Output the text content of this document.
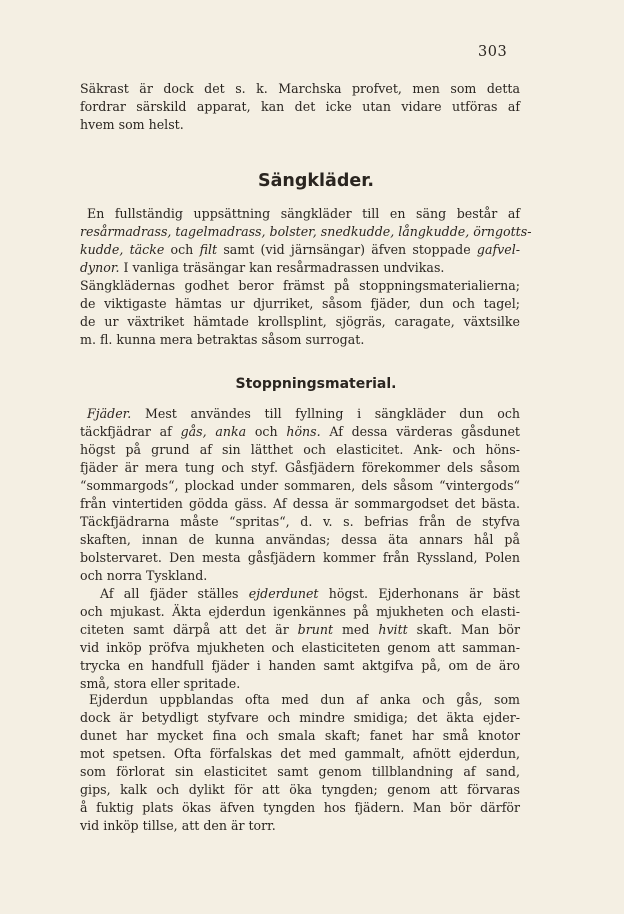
303
Säkrast är dock det s. k. Marchska profvet, men som detta
fordrar särskild apparat, kan det icke utan vidare utföras af
hvem som helst.
Sängkläder.
En fullständig uppsättning sängkläder till en säng består af
resårmadrass, tagelmadrass, bolster, snedkudde, långkudde, örngotts-
kudde, täcke och filt samt (vid järnsängar) äfven stoppade gafvel-
dynor. I vanliga träsängar kan resårmadrassen undvikas.
Sängklädernas godhet beror främst på stoppningsmaterialierna;
de viktigaste hämtas ur djurriket, såsom fjäder, dun och tagel;
de ur växtriket hämtade krollsplint, sjögräs, caragate, växtsilke
m. fl. kunna mera betraktas såsom surrogat.
Stoppningsmaterial.
Fjäder. Mest användes till fyllning i sängkläder dun och
täckfjädrar af gås, anka och höns. Af dessa värderas gåsdunet
högst på grund af sin lätthet och elasticitet. Ank- och höns-
fjäder är mera tung och styf. Gåsfjädern förekommer dels såsom
“sommargods“, plockad under sommaren, dels såsom “vintergods“
från vintertiden gödda gäss. Af dessa är sommargodset det bästa.
Täckfjädrarna måste “spritas“, d. v. s. befrias från de styfva
skaften, innan de kunna användas; dessa äta annars hål på
bolstervaret. Den mesta gåsfjädern kommer från Ryssland, Polen
och norra Tyskland.
Af all fjäder ställes ejderdunet högst. Ejderhonans är bäst
och mjukast. Äkta ejderdun igenkännes på mjukheten och elasti-
citeten samt därpå att det är brunt med hvitt skaft. Man bör
vid inköp pröfva mjukheten och elasticiteten genom att samman-
trycka en handfull fjäder i handen samt aktgifva på, om de äro
små, stora eller spritade.
Ejderdun uppblandas ofta med dun af anka och gås, som
dock är betydligt styfvare och mindre smidiga; det äkta ejder-
dunet har mycket fina och smala skaft; fanet har små knotor
mot spetsen. Ofta förfalskas det med gammalt, afnött ejderdun,
som förlorat sin elasticitet samt genom tillblandning af sand,
gips, kalk och dylikt för att öka tyngden; genom att förvaras
å fuktig plats ökas äfven tyngden hos fjädern. Man bör därför
vid inköp tillse, att den är torr.
